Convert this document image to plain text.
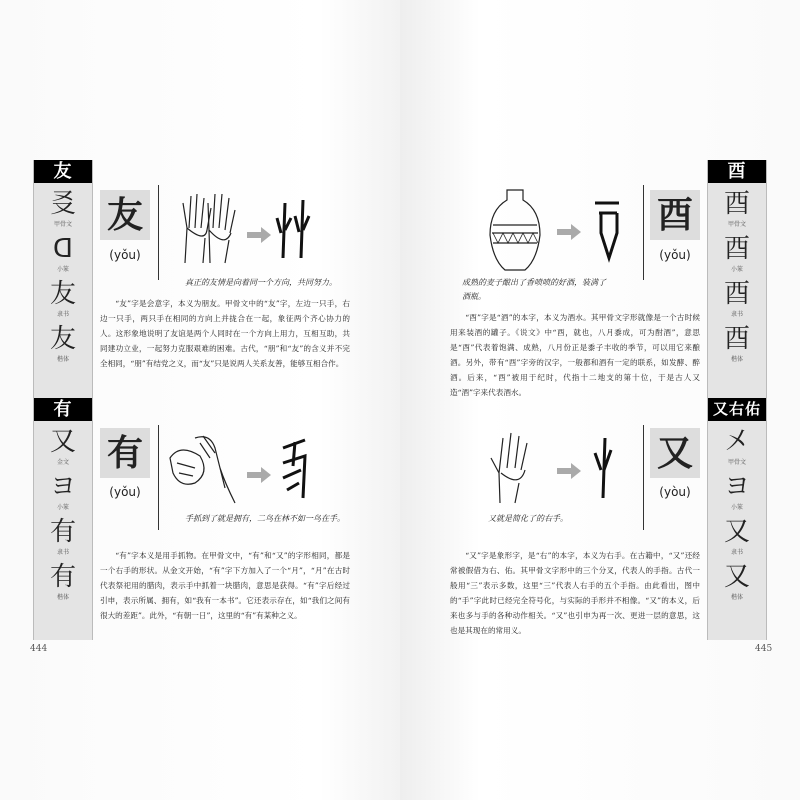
友
㕛
甲骨文
ᗡ
小篆
友
隶书
友
楷体
有
又
金文
ヨ
小篆
有
隶书
有
楷体
友
(yǒu)
真正的友情是向着同一个方向，共同努力。
“友”字是会意字，本义为朋友。甲骨文中的“友”字，左边一只手，右边一只手，两只手在相同的方向上并拢合在一起，象征两个齐心协力的人。这形象地说明了友谊是两个人同时在一个方向上用力，互相互助，共同建功立业，一起努力克服艰难的困难。古代，“朋”和“友”的含义并不完全相同，“朋”有结党之义，而“友”只是说两人关系友善，能够互相合作。
有
(yǒu)
手抓到了就是拥有，二鸟在林不如一鸟在手。
“有”字本义是用手抓物。在甲骨文中，“有”和“又”的字形相同，都是一个右手的形状。从金文开始，“有”字下方加入了一个“月”，“月”在古时代表祭祀用的腊肉，表示手中抓着一块腊肉，意思是获得。“有”字后经过引申，表示所属、拥有，如“我有一本书”。它还表示存在，如“我们之间有很大的差距”。此外，“有朝一日”，这里的“有”有某种之义。
444
酉
酉
甲骨文
酉
小篆
酉
隶书
酉
楷体
又右佑
㐅
甲骨文
ヨ
小篆
又
隶书
又
楷体
酉
(yǒu)
成熟的麦子酿出了香喷喷的好酒，装满了酒瓶。
“酉”字是“酒”的本字，本义为酒水。其甲骨文字形就像是一个古时候用来装酒的罐子。《说文》中“酉，就也，八月黍成，可为酎酒”，意思是“酉”代表着饱满、成熟，八月份正是黍子丰收的季节，可以用它来酿酒。另外，带有“酉”字旁的汉字，一般都和酒有一定的联系，如发酵、醉酒。后来，“酉”被用于纪时，代指十二地支的第十位，于是古人又造“酒”字来代表酒水。
又
(yòu)
又就是简化了的右手。
“又”字是象形字，是“右”的本字，本义为右手。在古籍中，“又”还经常被假借为右、佑。其甲骨文字形中的三个分叉，代表人的手指。古代一般用“三”表示多数，这里“三”代表人右手的五个手指。由此看出，图中的“手”字此时已经完全符号化，与实际的手形并不相像。“又”的本义，后来也多与手的各种动作相关。“又”也引申为再一次、更进一层的意思，这也是其现在的常用义。
445
